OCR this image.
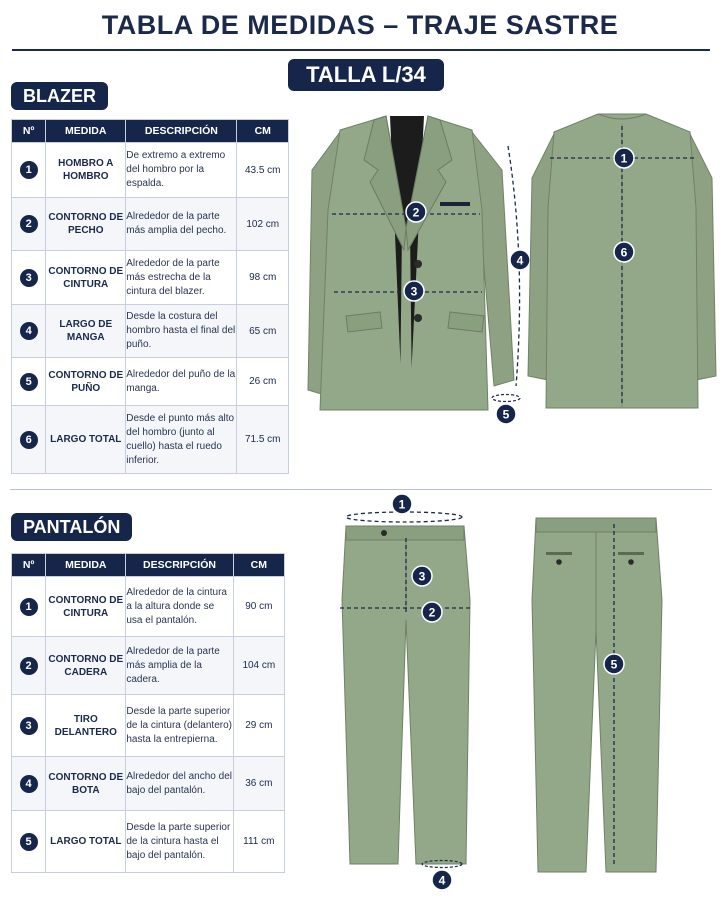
TABLA DE MEDIDAS – TRAJE SASTRE
TALLA L/34
BLAZER
Nº	MEDIDA	DESCRIPCIÓN	CM
1	HOMBRO A HOMBRO	De extremo a extremo del hombro por la espalda.	43.5 cm
2	CONTORNO DE PECHO	Alrededor de la parte más amplia del pecho.	102 cm
3	CONTORNO DE CINTURA	Alrededor de la parte más estrecha de la cintura del blazer.	98 cm
4	LARGO DE MANGA	Desde la costura del hombro hasta el final del puño.	65 cm
5	CONTORNO DE PUÑO	Alrededor del puño de la manga.	26 cm
6	LARGO TOTAL	Desde el punto más alto del hombro (junto al cuello) hasta el ruedo inferior.	71.5 cm
2
3
4
5
1
6
PANTALÓN
Nº	MEDIDA	DESCRIPCIÓN	CM
1	CONTORNO DE CINTURA	Alrededor de la cintura a la altura donde se usa el pantalón.	90 cm
2	CONTORNO DE CADERA	Alrededor de la parte más amplia de la cadera.	104 cm
3	TIRO DELANTERO	Desde la parte superior de la cintura (delantero) hasta la entrepierna.	29 cm
4	CONTORNO DE BOTA	Alrededor del ancho del bajo del pantalón.	36 cm
5	LARGO TOTAL	Desde la parte superior de la cintura hasta el bajo del pantalón.	111 cm
1
2
3
4
5
